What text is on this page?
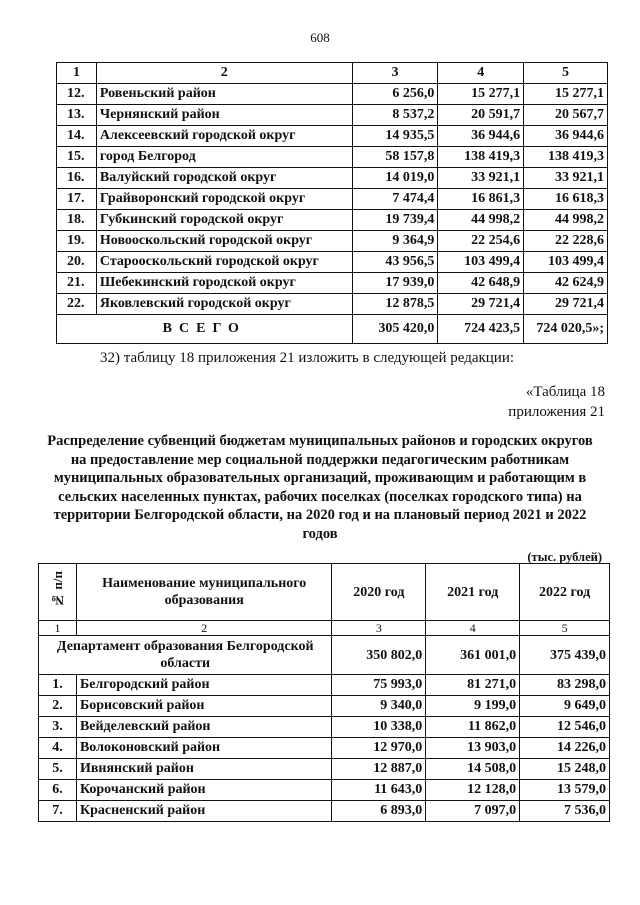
608
1	2	3	4	5
12.	Ровеньский район	6 256,0	15 277,1	15 277,1
13.	Чернянский район	8 537,2	20 591,7	20 567,7
14.	Алексеевский городской округ	14 935,5	36 944,6	36 944,6
15.	город Белгород	58 157,8	138 419,3	138 419,3
16.	Валуйский городской округ	14 019,0	33 921,1	33 921,1
17.	Грайворонский городской округ	7 474,4	16 861,3	16 618,3
18.	Губкинский городской округ	19 739,4	44 998,2	44 998,2
19.	Новооскольский городской округ	9 364,9	22 254,6	22 228,6
20.	Старооскольский городской округ	43 956,5	103 499,4	103 499,4
21.	Шебекинский городской округ	17 939,0	42 648,9	42 624,9
22.	Яковлевский городской округ	12 878,5	29 721,4	29 721,4
ВСЕГО		305 420,0	724 423,5	724 020,5»;
32) таблицу 18 приложения 21 изложить в следующей редакции:
«Таблица 18
приложения 21
Распределение субвенций бюджетам муниципальных районов и городских округов на предоставление мер социальной поддержки педагогическим работникам муниципальных образовательных организаций, проживающим и работающим в сельских населенных пунктах, рабочих поселках (поселках городского типа) на территории Белгородской области, на 2020 год и на плановый период 2021 и 2022 годов
(тыс. рублей)
№ п/п	Наименование муниципального образования	2020 год	2021 год	2022 год
1	2	3	4	5
Департамент образования Белгородской области		350 802,0	361 001,0	375 439,0
1.	Белгородский район	75 993,0	81 271,0	83 298,0
2.	Борисовский район	9 340,0	9 199,0	9 649,0
3.	Вейделевский район	10 338,0	11 862,0	12 546,0
4.	Волоконовский район	12 970,0	13 903,0	14 226,0
5.	Ивнянский район	12 887,0	14 508,0	15 248,0
6.	Корочанский район	11 643,0	12 128,0	13 579,0
7.	Красненский район	6 893,0	7 097,0	7 536,0
